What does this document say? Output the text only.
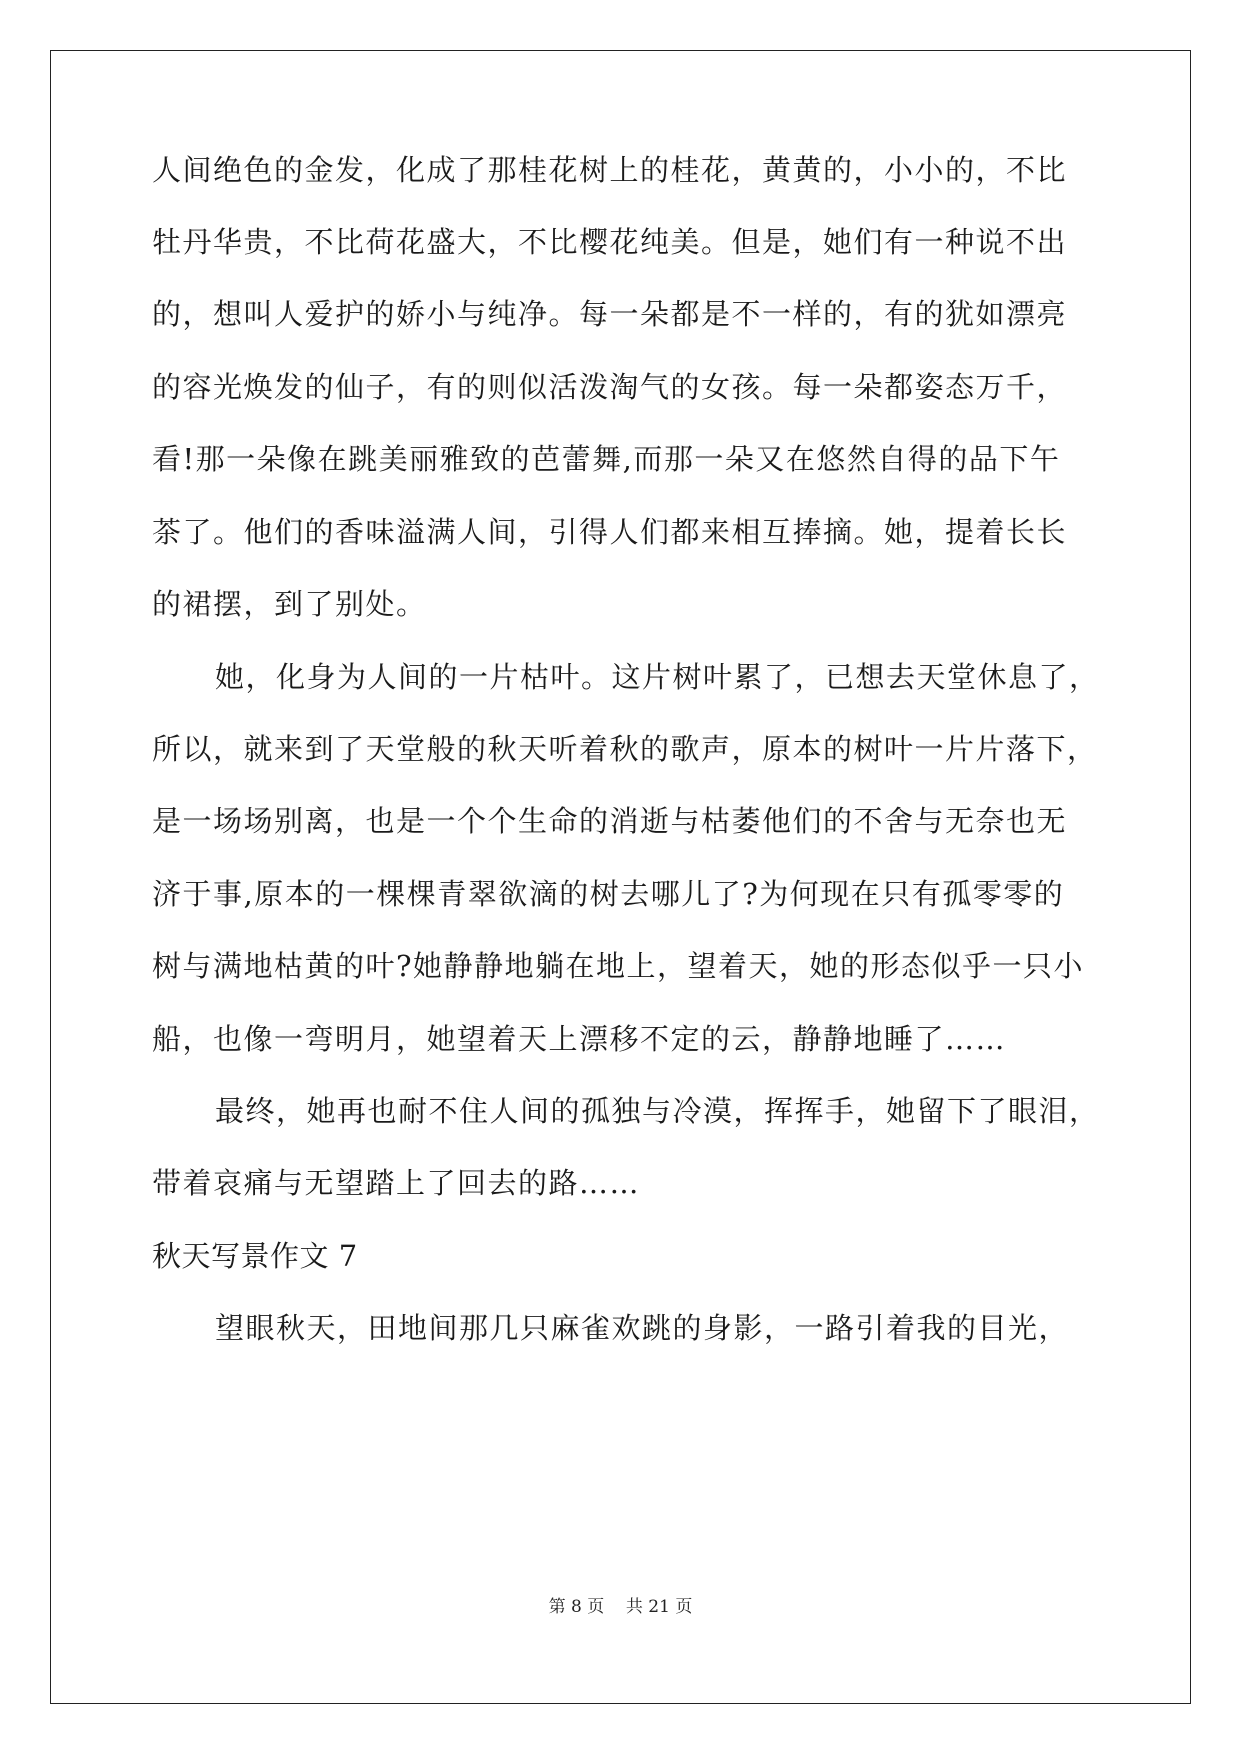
人间绝色的金发，化成了那桂花树上的桂花，黄黄的，小小的，不比

牡丹华贵，不比荷花盛大，不比樱花纯美。但是，她们有一种说不出

的，想叫人爱护的娇小与纯净。每一朵都是不一样的，有的犹如漂亮

的容光焕发的仙子，有的则似活泼淘气的女孩。每一朵都姿态万千，

看!那一朵像在跳美丽雅致的芭蕾舞,而那一朵又在悠然自得的品下午

茶了。他们的香味溢满人间，引得人们都来相互捧摘。她，提着长长

的裙摆，到了别处。

她，化身为人间的一片枯叶。这片树叶累了，已想去天堂休息了，

所以，就来到了天堂般的秋天听着秋的歌声，原本的树叶一片片落下，

是一场场别离，也是一个个生命的消逝与枯萎他们的不舍与无奈也无

济于事,原本的一棵棵青翠欲滴的树去哪儿了?为何现在只有孤零零的

树与满地枯黄的叶?她静静地躺在地上，望着天，她的形态似乎一只小

船，也像一弯明月，她望着天上漂移不定的云，静静地睡了……

最终，她再也耐不住人间的孤独与冷漠，挥挥手，她留下了眼泪，

带着哀痛与无望踏上了回去的路……

秋天写景作文 7

望眼秋天，田地间那几只麻雀欢跳的身影，一路引着我的目光，

第 8 页    共 21 页
